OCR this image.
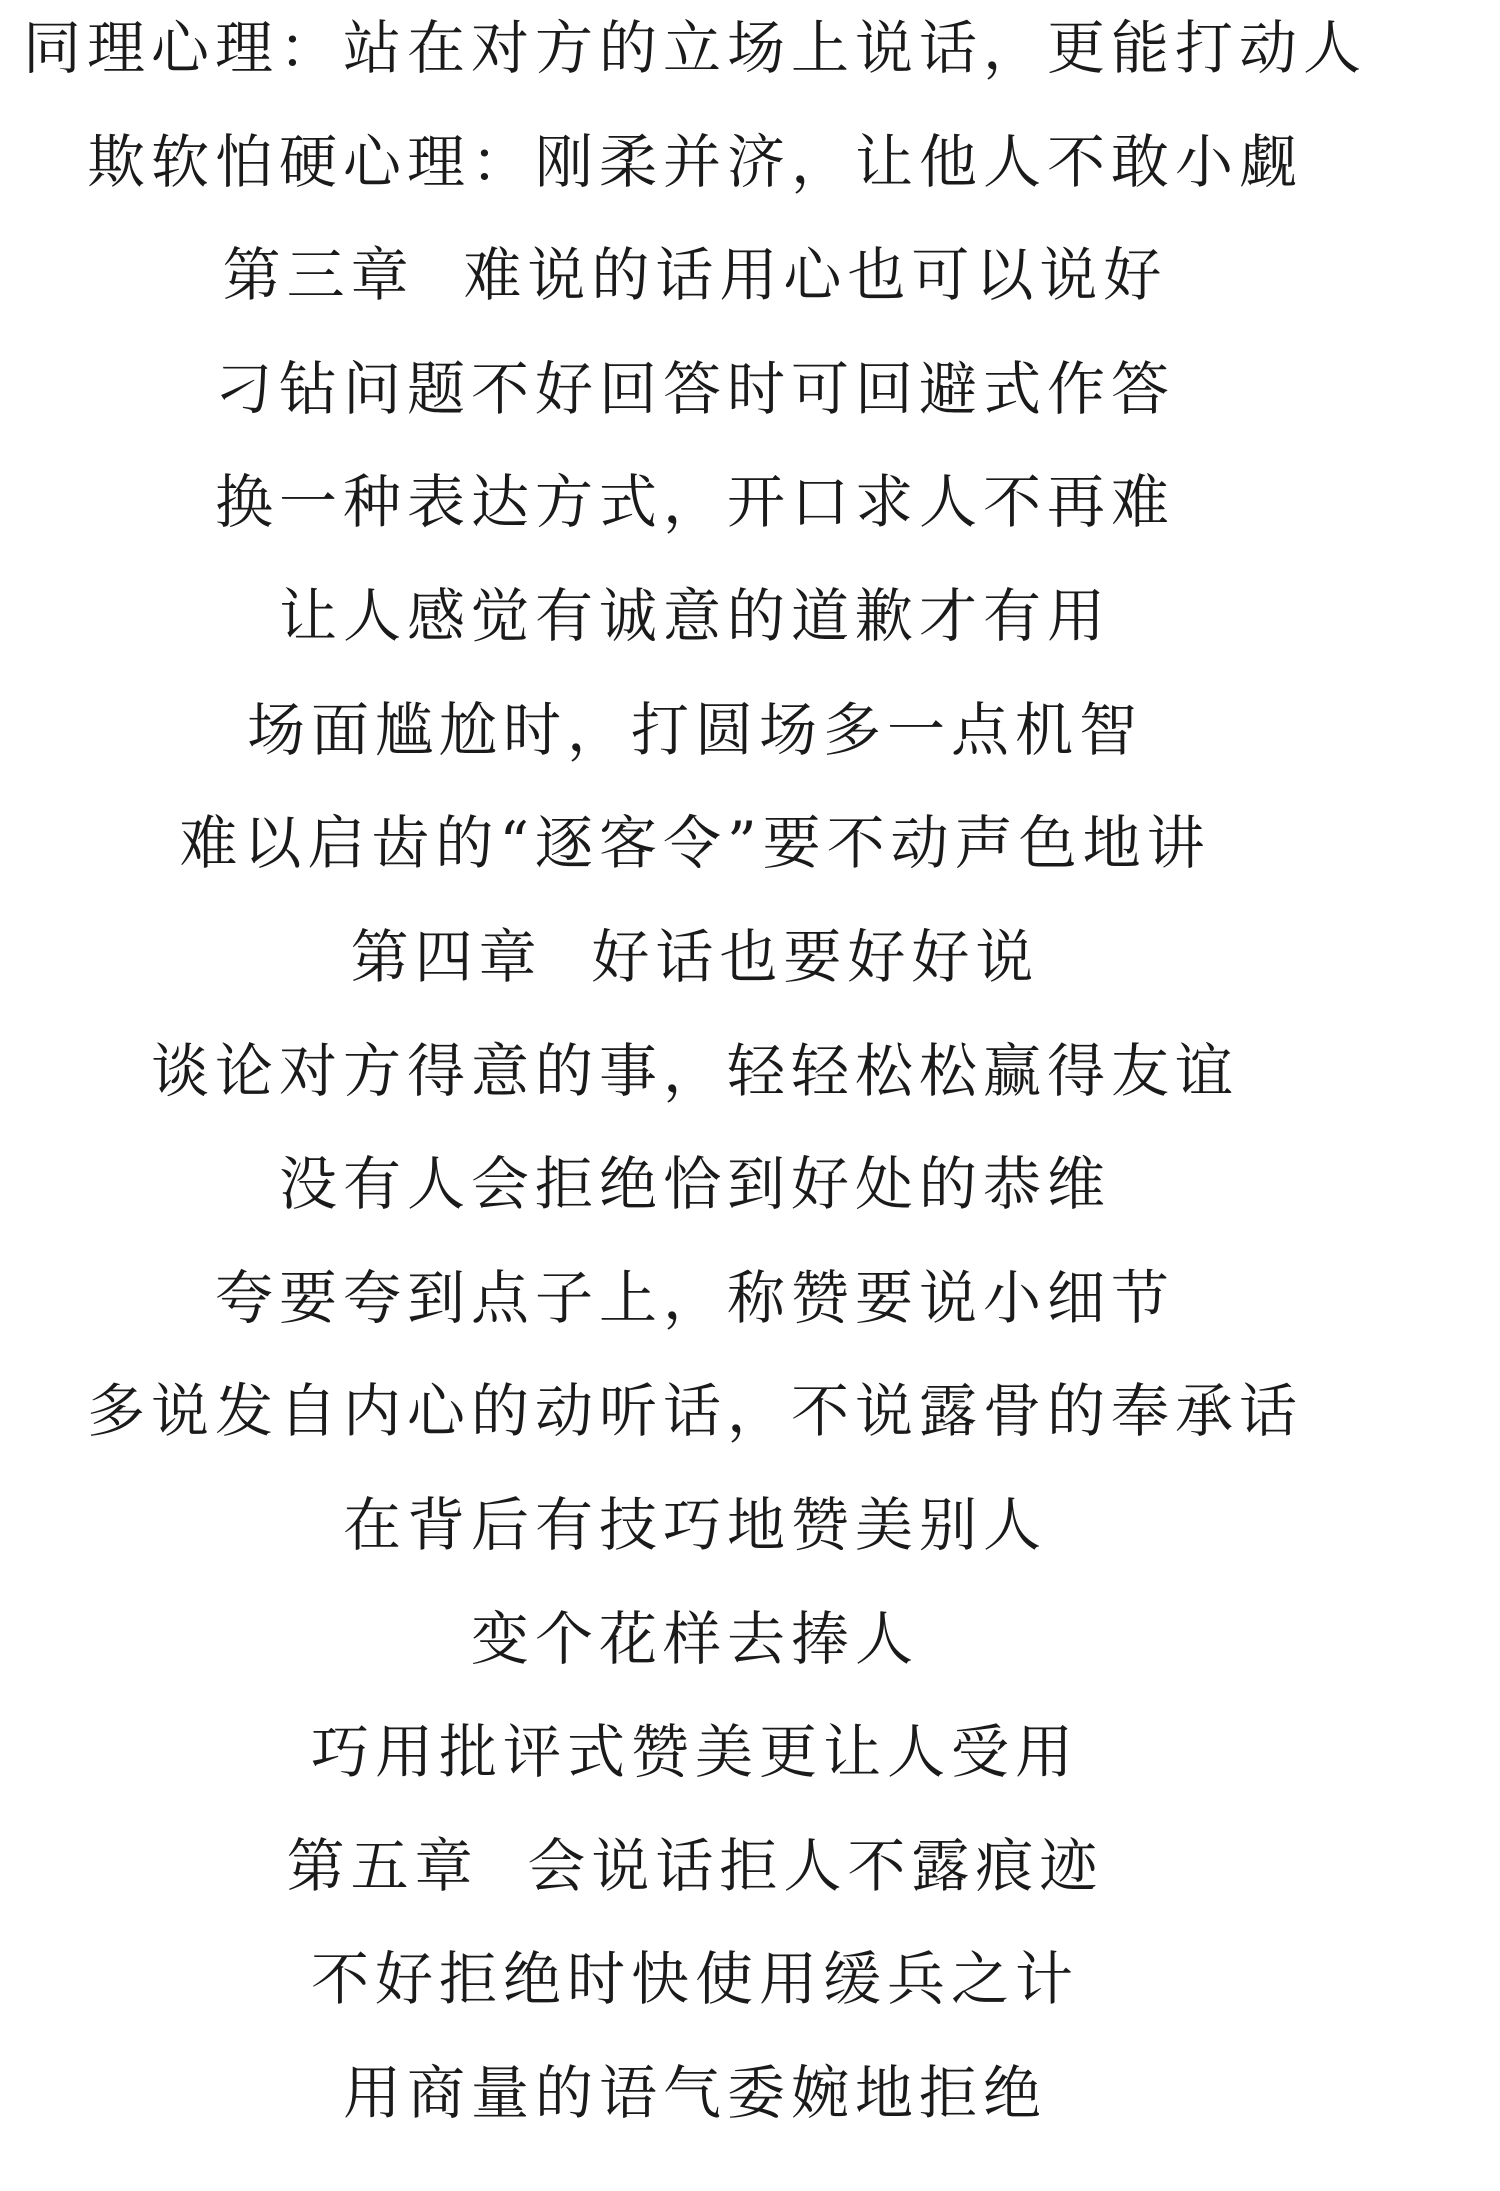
同理心理：站在对方的立场上说话，更能打动人
欺软怕硬心理：刚柔并济，让他人不敢小觑
第三章  难说的话用心也可以说好
刁钻问题不好回答时可回避式作答
换一种表达方式，开口求人不再难
让人感觉有诚意的道歉才有用
场面尴尬时，打圆场多一点机智
难以启齿的“逐客令”要不动声色地讲
第四章  好话也要好好说
谈论对方得意的事，轻轻松松赢得友谊
没有人会拒绝恰到好处的恭维
夸要夸到点子上，称赞要说小细节
多说发自内心的动听话，不说露骨的奉承话
在背后有技巧地赞美别人
变个花样去捧人
巧用批评式赞美更让人受用
第五章  会说话拒人不露痕迹
不好拒绝时快使用缓兵之计
用商量的语气委婉地拒绝
